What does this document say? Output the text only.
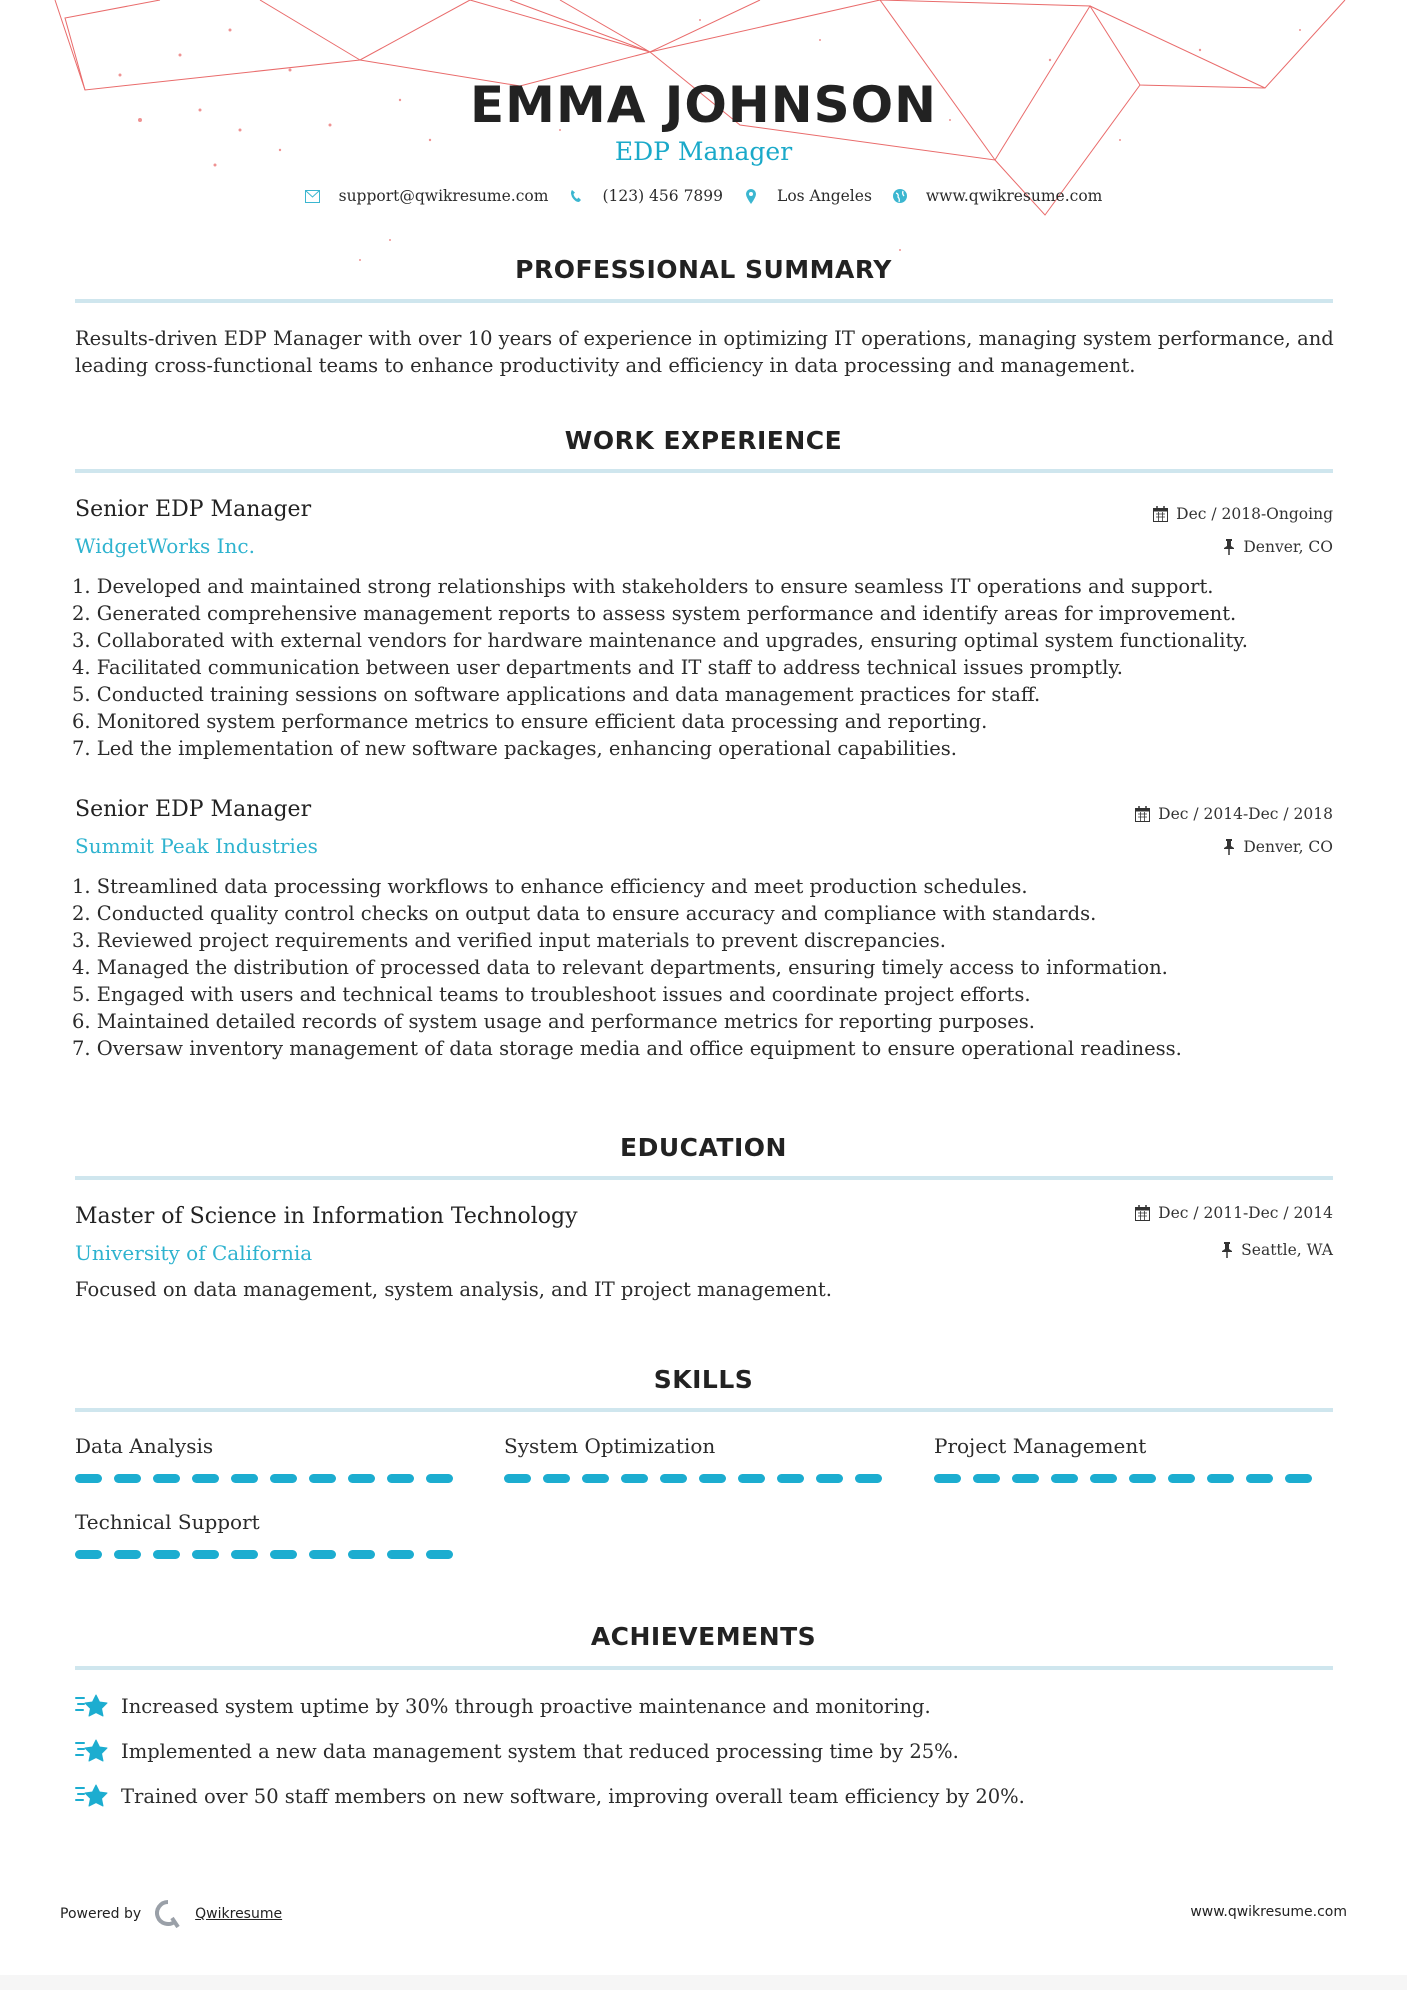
EMMA JOHNSON
EDP Manager
support@qwikresume.com	(123) 456 7899	Los Angeles	www.qwikresume.com
PROFESSIONAL SUMMARY
Results-driven EDP Manager with over 10 years of experience in optimizing IT operations, managing system performance, and
leading cross-functional teams to enhance productivity and efficiency in data processing and management.
WORK EXPERIENCE
Senior EDP Manager
WidgetWorks Inc.
Dec / 2018-Ongoing
Denver, CO
1. Developed and maintained strong relationships with stakeholders to ensure seamless IT operations and support.
2. Generated comprehensive management reports to assess system performance and identify areas for improvement.
3. Collaborated with external vendors for hardware maintenance and upgrades, ensuring optimal system functionality.
4. Facilitated communication between user departments and IT staff to address technical issues promptly.
5. Conducted training sessions on software applications and data management practices for staff.
6. Monitored system performance metrics to ensure efficient data processing and reporting.
7. Led the implementation of new software packages, enhancing operational capabilities.
Senior EDP Manager
Summit Peak Industries
Dec / 2014-Dec / 2018
Denver, CO
1. Streamlined data processing workflows to enhance efficiency and meet production schedules.
2. Conducted quality control checks on output data to ensure accuracy and compliance with standards.
3. Reviewed project requirements and verified input materials to prevent discrepancies.
4. Managed the distribution of processed data to relevant departments, ensuring timely access to information.
5. Engaged with users and technical teams to troubleshoot issues and coordinate project efforts.
6. Maintained detailed records of system usage and performance metrics for reporting purposes.
7. Oversaw inventory management of data storage media and office equipment to ensure operational readiness.
EDUCATION
Master of Science in Information Technology
University of California
Dec / 2011-Dec / 2014
Seattle, WA
Focused on data management, system analysis, and IT project management.
SKILLS
Data Analysis	System Optimization	Project Management
Technical Support
ACHIEVEMENTS
Increased system uptime by 30% through proactive maintenance and monitoring.
Implemented a new data management system that reduced processing time by 25%.
Trained over 50 staff members on new software, improving overall team efficiency by 20%.
Powered by	Qwikresume	www.qwikresume.com
